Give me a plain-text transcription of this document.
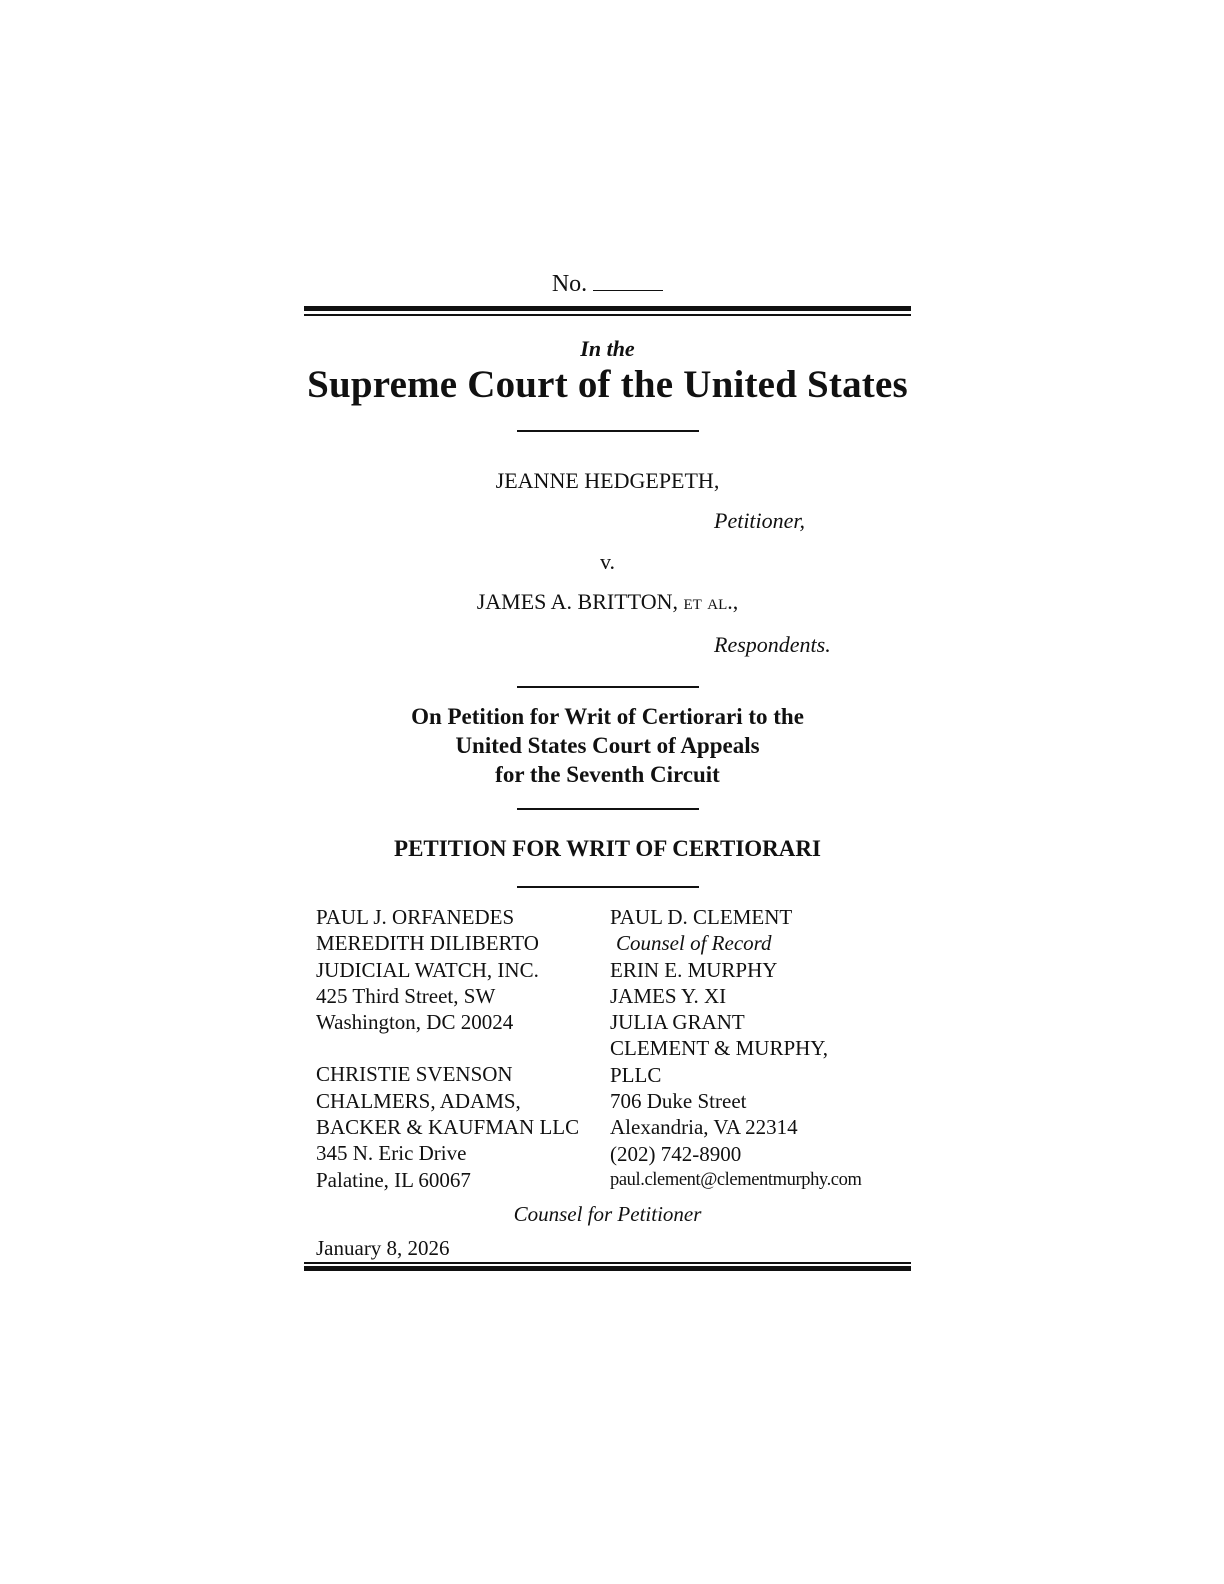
No.
In the
Supreme Court of the United States
JEANNE HEDGEPETH,
Petitioner,
v.
JAMES A. BRITTON, et al.,
Respondents.
On Petition for Writ of Certiorari to the
United States Court of Appeals
for the Seventh Circuit
PETITION FOR WRIT OF CERTIORARI
PAUL J. ORFANEDES
MEREDITH DILIBERTO
JUDICIAL WATCH, INC.
425 Third Street, SW
Washington, DC 20024
CHRISTIE SVENSON
CHALMERS, ADAMS,
BACKER & KAUFMAN LLC
345 N. Eric Drive
Palatine, IL 60067
PAUL D. CLEMENT
Counsel of Record
ERIN E. MURPHY
JAMES Y. XI
JULIA GRANT
CLEMENT & MURPHY,
PLLC
706 Duke Street
Alexandria, VA 22314
(202) 742-8900
paul.clement@clementmurphy.com
Counsel for Petitioner
January 8, 2026
